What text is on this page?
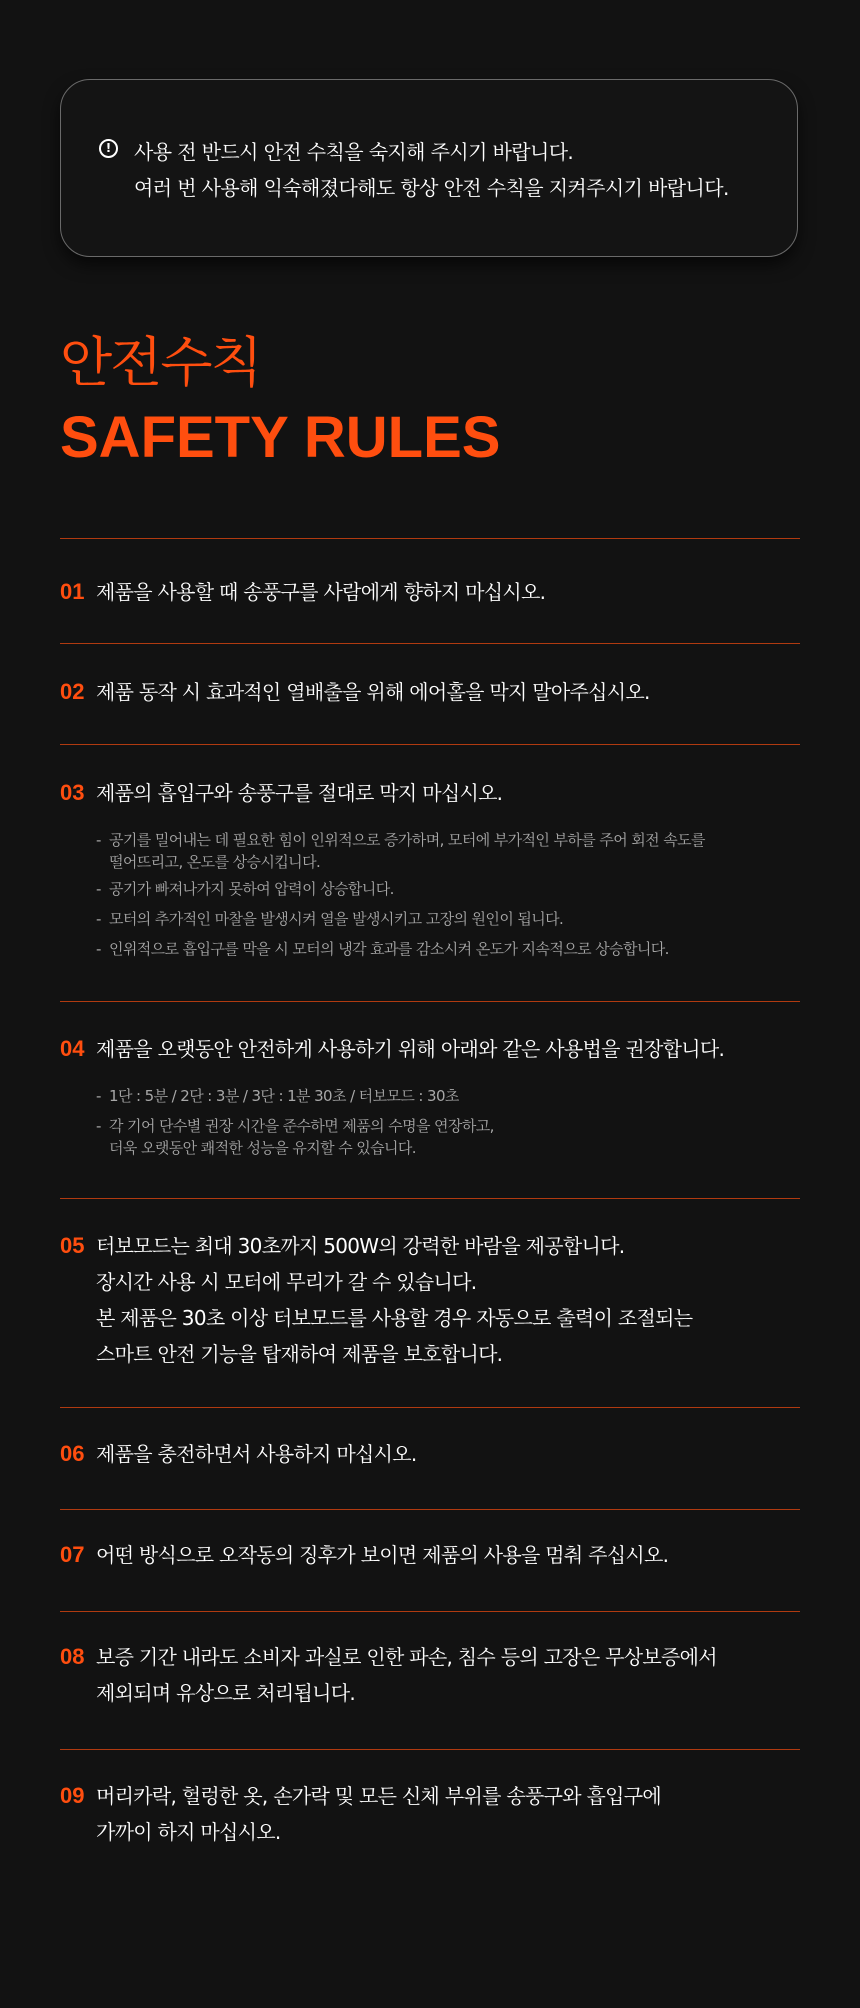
!	사용 전 반드시 안전 수칙을 숙지해 주시기 바랍니다.
여러 번 사용해 익숙해졌다해도 항상 안전 수칙을 지켜주시기 바랍니다.
안전수칙
SAFETY RULES
01 제품을 사용할 때 송풍구를 사람에게 향하지 마십시오.
02 제품 동작 시 효과적인 열배출을 위해 에어홀을 막지 말아주십시오.
03 제품의 흡입구와 송풍구를 절대로 막지 마십시오.
- 공기를 밀어내는 데 필요한 힘이 인위적으로 증가하며, 모터에 부가적인 부하를 주어 회전 속도를
떨어뜨리고, 온도를 상승시킵니다.
- 공기가 빠져나가지 못하여 압력이 상승합니다.
- 모터의 추가적인 마찰을 발생시켜 열을 발생시키고 고장의 원인이 됩니다.
- 인위적으로 흡입구를 막을 시 모터의 냉각 효과를 감소시켜 온도가 지속적으로 상승합니다.
04 제품을 오랫동안 안전하게 사용하기 위해 아래와 같은 사용법을 권장합니다.
- 1단 : 5분 / 2단 : 3분 / 3단 : 1분 30초 / 터보모드 : 30초
- 각 기어 단수별 권장 시간을 준수하면 제품의 수명을 연장하고,
더욱 오랫동안 쾌적한 성능을 유지할 수 있습니다.
05 터보모드는 최대 30초까지 500W의 강력한 바람을 제공합니다.
장시간 사용 시 모터에 무리가 갈 수 있습니다.
본 제품은 30초 이상 터보모드를 사용할 경우 자동으로 출력이 조절되는
스마트 안전 기능을 탑재하여 제품을 보호합니다.
06 제품을 충전하면서 사용하지 마십시오.
07 어떤 방식으로 오작동의 징후가 보이면 제품의 사용을 멈춰 주십시오.
08 보증 기간 내라도 소비자 과실로 인한 파손, 침수 등의 고장은 무상보증에서
제외되며 유상으로 처리됩니다.
09 머리카락, 헐렁한 옷, 손가락 및 모든 신체 부위를 송풍구와 흡입구에
가까이 하지 마십시오.
